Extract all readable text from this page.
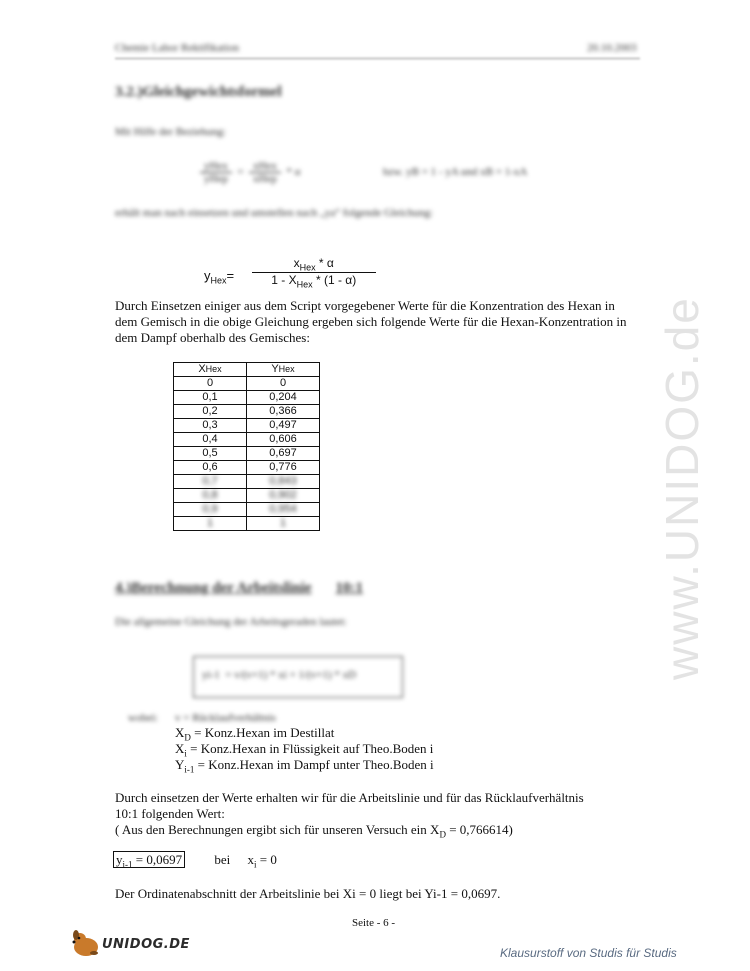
Chemie Labor Rektifikation	20.10.2003
3.2.)Gleichgewichtsformel
Mit Hilfe der Beziehung:
$\frac{\text{yHex}}{\text{yHep}} = \frac{\text{xHex}}{\text{xHep}} * \alpha$	bzw. yB = 1 - yA und xB = 1-xA
erhält man nach einsetzen und umstellen nach „ya“ folgende Gleichung:
$y_{Hex}= \frac{x_{Hex} * \alpha}{1 - X_{Hex} * (1 - \alpha)}$
Durch Einsetzen einiger aus dem Script vorgegebener Werte für die Konzentration des Hexan in dem Gemisch in die obige Gleichung ergeben sich folgende Werte für die Hexan-Konzentration in dem Dampf oberhalb des Gemisches:
XHex	YHex
0	0
0,1	0,204
0,2	0,366
0,3	0,497
0,4	0,606
0,5	0,697
0,6	0,776
0,7	0,843
0,8	0,902
0,9	0,954
1	1
4.)Berechnung der Arbeitslinie 10:1
Die allgemeine Gleichung der Arbeitsgeraden lautet:
yi-1 = v/(v+1) * xi + 1/(v+1) * xD
wobei: v = Rücklaufverhältnis
$X_D$ = Konz.Hexan im Destillat
$X_i$ = Konz.Hexan in Flüssigkeit auf Theo.Boden i
$Y_{i-1}$ = Konz.Hexan im Dampf unter Theo.Boden i
Durch einsetzen der Werte erhalten wir für die Arbeitslinie und für das Rücklaufverhältnis
10:1 folgenden Wert:
( Aus den Berechnungen ergibt sich für unseren Versuch ein $X_D = 0,766614$)
$y_{i-1} = 0,0697$ bei $x_i = 0$
Der Ordinatenabschnitt der Arbeitslinie bei Xi = 0 liegt bei Yi-1 = 0,0697.
Seite - 6 -
www.UNIDOG.de
UNIDOG.DE
Klausurstoff von Studis für Studis
